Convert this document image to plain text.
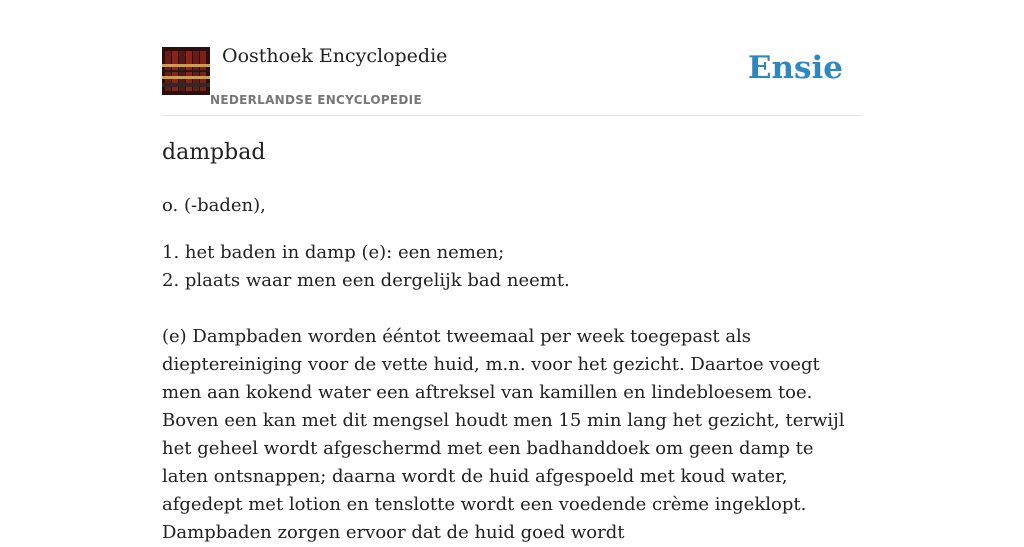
Oosthoek Encyclopedie
NEDERLANDSE ENCYCLOPEDIE
Ensie
dampbad
o. (-baden),
1. het baden in damp (e): een nemen;
2. plaats waar men een dergelijk bad neemt.

(e) Dampbaden worden ééntot tweemaal per week toegepast als dieptereiniging voor de vette huid, m.n. voor het gezicht. Daartoe voegt men aan kokend water een aftreksel van kamillen en lindebloesem toe. Boven een kan met dit mengsel houdt men 15 min lang het gezicht, terwijl het geheel wordt afgeschermd met een badhanddoek om geen damp te laten ontsnappen; daarna wordt de huid afgespoeld met koud water, afgedept met lotion en tenslotte wordt een voedende crème ingeklopt. Dampbaden zorgen ervoor dat de huid goed wordt
